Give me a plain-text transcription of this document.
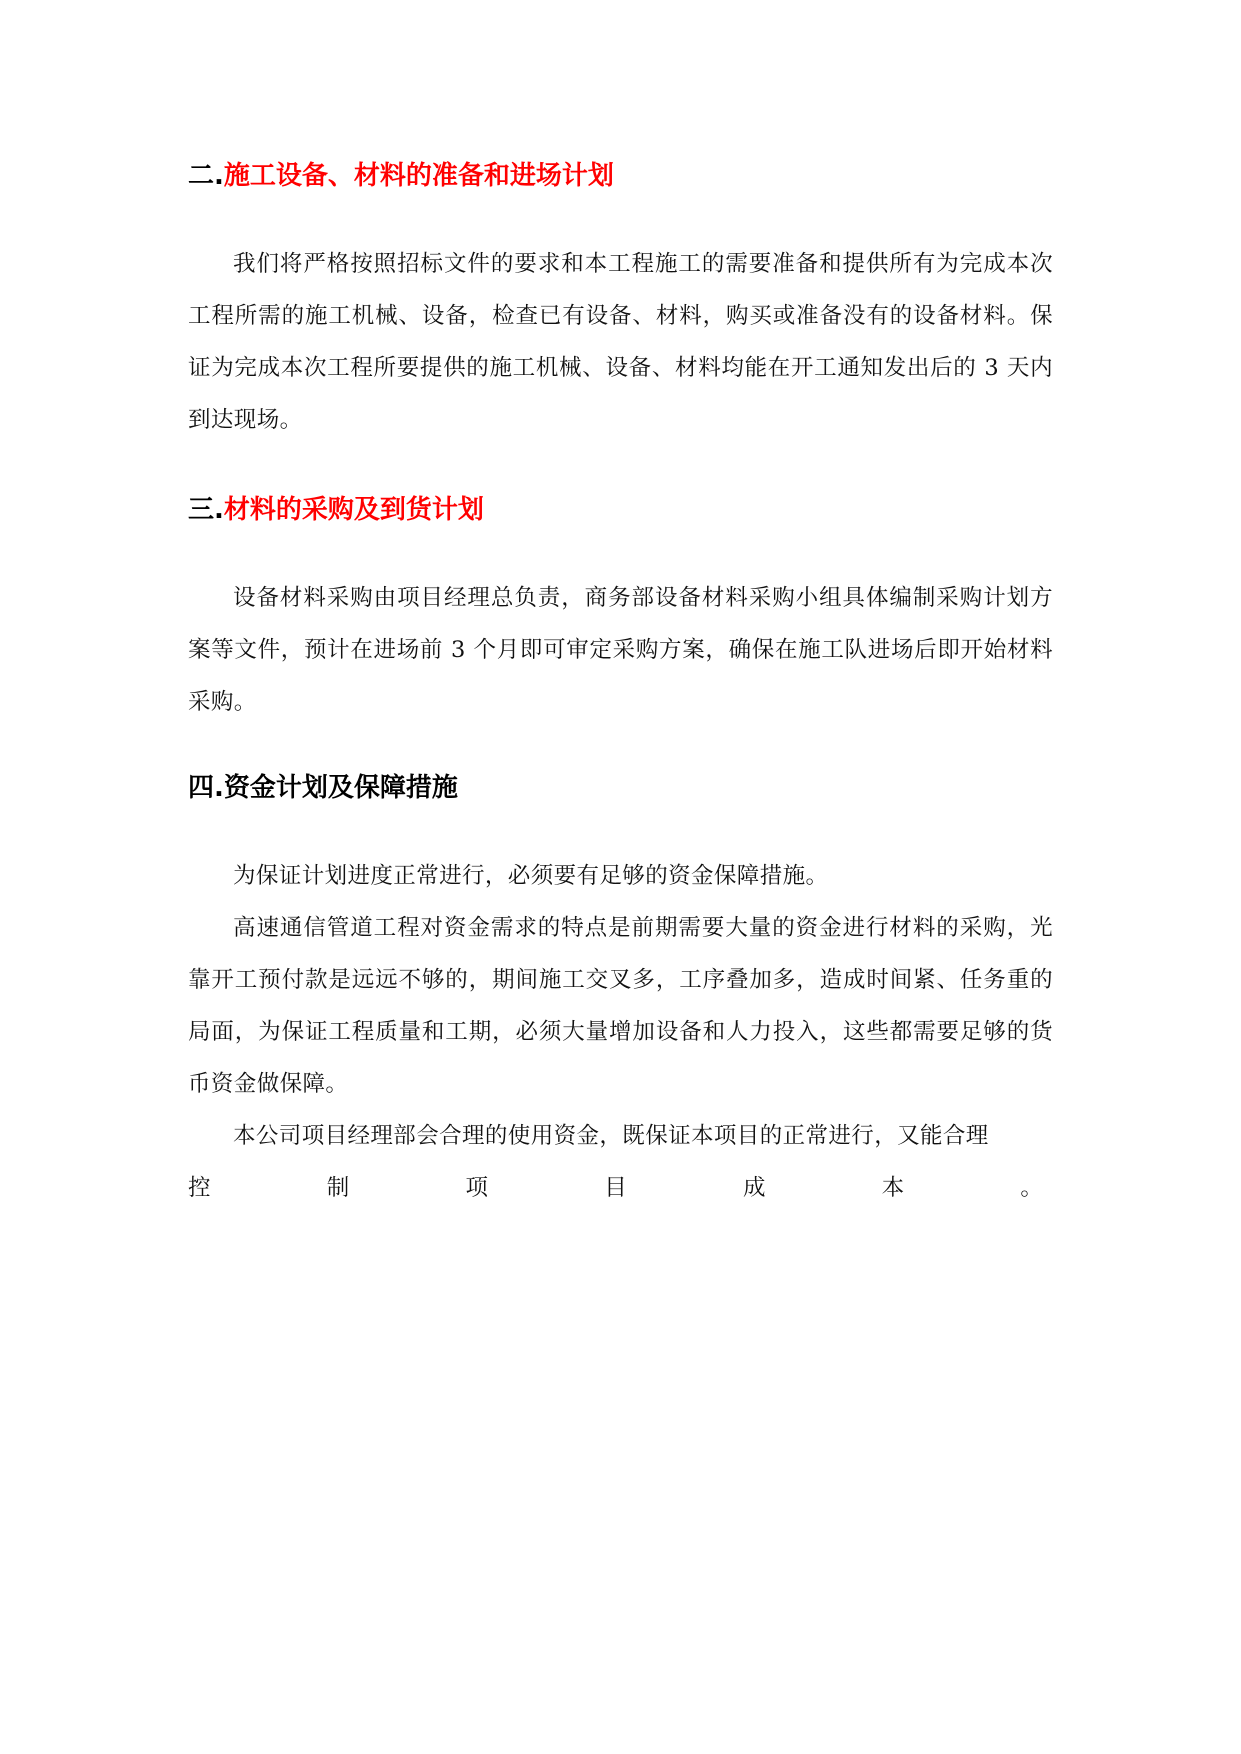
二.施工设备、材料的准备和进场计划

我们将严格按照招标文件的要求和本工程施工的需要准备和提供所有为完成本次工程所需的施工机械、设备，检查已有设备、材料，购买或准备没有的设备材料。保证为完成本次工程所要提供的施工机械、设备、材料均能在开工通知发出后的 3 天内到达现场。

三.材料的采购及到货计划

设备材料采购由项目经理总负责，商务部设备材料采购小组具体编制采购计划方案等文件，预计在进场前 3 个月即可审定采购方案，确保在施工队进场后即开始材料采购。

四.资金计划及保障措施

为保证计划进度正常进行，必须要有足够的资金保障措施。

高速通信管道工程对资金需求的特点是前期需要大量的资金进行材料的采购，光靠开工预付款是远远不够的，期间施工交叉多，工序叠加多，造成时间紧、任务重的局面，为保证工程质量和工期，必须大量增加设备和人力投入，这些都需要足够的货币资金做保障。

本公司项目经理部会合理的使用资金，既保证本项目的正常进行，又能合理

控	制	项	目	成	本	。
